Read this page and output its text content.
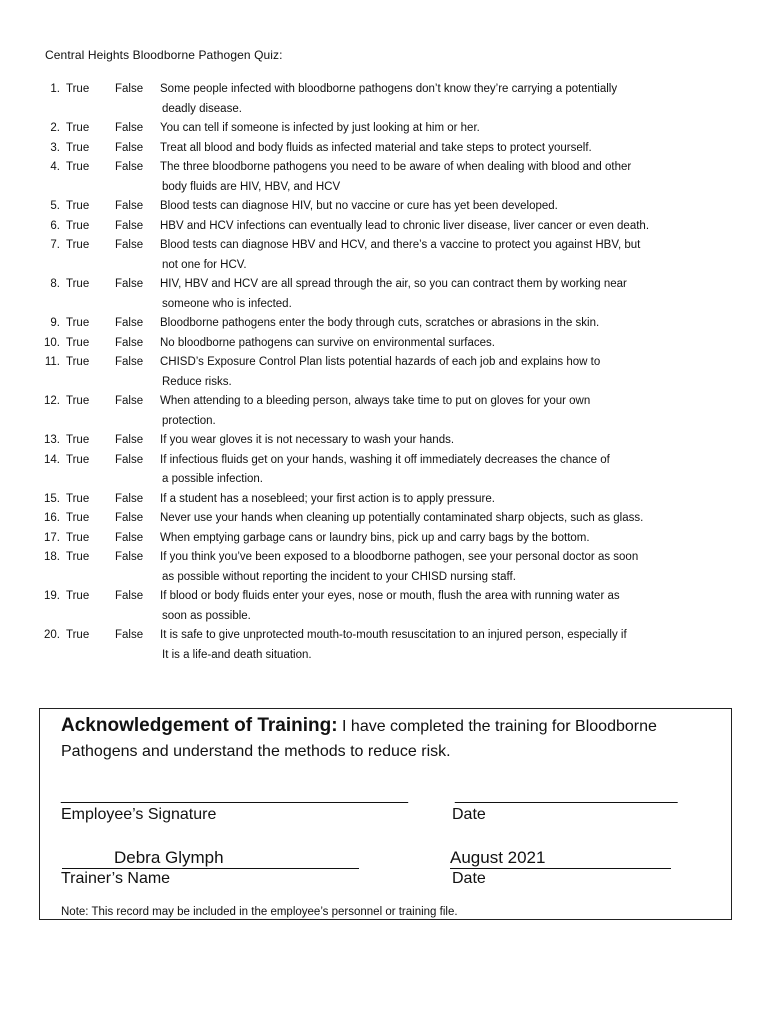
Central Heights Bloodborne Pathogen Quiz:
1. True	False	Some people infected with bloodborne pathogens don’t know they’re carrying a potentially
deadly disease.
2. True	False	You can tell if someone is infected by just looking at him or her.
3. True	False	Treat all blood and body fluids as infected material and take steps to protect yourself.
4. True	False	The three bloodborne pathogens you need to be aware of when dealing with blood and other
body fluids are HIV, HBV, and HCV
5. True	False	Blood tests can diagnose HIV, but no vaccine or cure has yet been developed.
6. True	False	HBV and HCV infections can eventually lead to chronic liver disease, liver cancer or even death.
7. True	False	Blood tests can diagnose HBV and HCV, and there’s a vaccine to protect you against HBV, but
not one for HCV.
8. True	False	HIV, HBV and HCV are all spread through the air, so you can contract them by working near
someone who is infected.
9. True	False	Bloodborne pathogens enter the body through cuts, scratches or abrasions in the skin.
10. True	False	No bloodborne pathogens can survive on environmental surfaces.
11. True	False	CHISD’s Exposure Control Plan lists potential hazards of each job and explains how to
Reduce risks.
12. True	False	When attending to a bleeding person, always take time to put on gloves for your own
protection.
13. True	False	If you wear gloves it is not necessary to wash your hands.
14. True	False	If infectious fluids get on your hands, washing it off immediately decreases the chance of
a possible infection.
15. True	False	If a student has a nosebleed; your first action is to apply pressure.
16. True	False	Never use your hands when cleaning up potentially contaminated sharp objects, such as glass.
17. True	False	When emptying garbage cans or laundry bins, pick up and carry bags by the bottom.
18. True	False	If you think you’ve been exposed to a bloodborne pathogen, see your personal doctor as soon
as possible without reporting the incident to your CHISD nursing staff.
19. True	False	If blood or body fluids enter your eyes, nose or mouth, flush the area with running water as
soon as possible.
20. True	False	It is safe to give unprotected mouth-to-mouth resuscitation to an injured person, especially if
It is a life-and death situation.
Acknowledgement of Training: I have completed the training for Bloodborne
Pathogens and understand the methods to reduce risk.
_______________________________________
Employee’s Signature
_________________________
Date
Debra Glymph
Trainer’s Name
August 2021
Date
Note: This record may be included in the employee’s personnel or training file.
